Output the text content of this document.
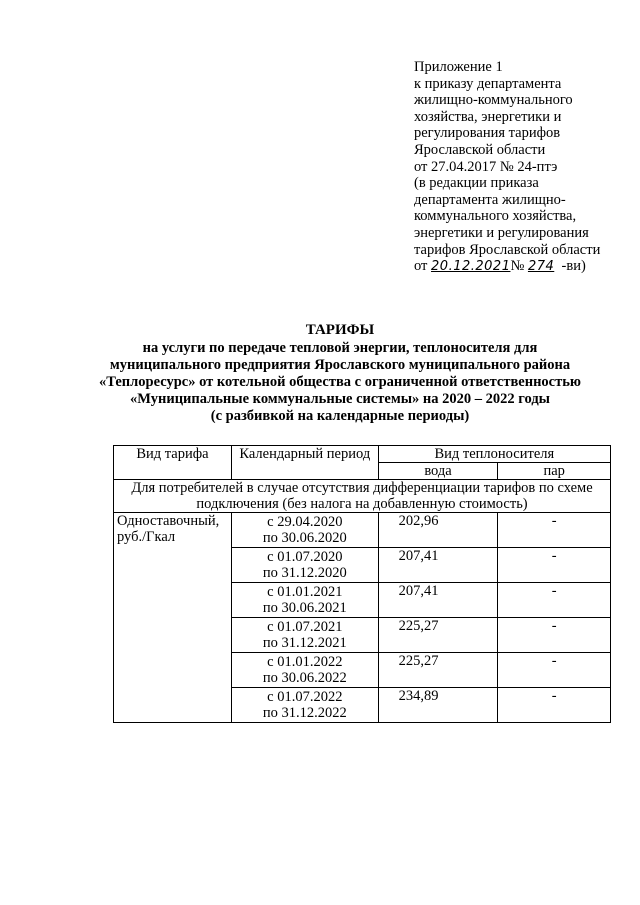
Приложение 1
к приказу департамента
жилищно-коммунального
хозяйства, энергетики и
регулирования тарифов
Ярославской области
от 27.04.2017 № 24-птэ
(в редакции приказа
департамента жилищно-
коммунального хозяйства,
энергетики и регулирования
тарифов Ярославской области
от 20.12.2021№ 274 -ви)
ТАРИФЫ
на услуги по передаче тепловой энергии, теплоносителя для
муниципального предприятия Ярославского муниципального района
«Теплоресурс» от котельной общества с ограниченной ответственностью
«Муниципальные коммунальные системы» на 2020 – 2022 годы
(с разбивкой на календарные периоды)
Вид тарифа	Календарный период	Вид теплоносителя	
		вода	пар
Для потребителей в случае отсутствия дифференциации тарифов по схеме подключения (без налога на добавленную стоимость)			
Одноставочный, руб./Гкал	с 29.04.2020
по 30.06.2020	202,96	-

	с 01.07.2020
по 31.12.2020	207,41	-

	с 01.01.2021
по 30.06.2021	207,41	-

	с 01.07.2021
по 31.12.2021	225,27	-

	с 01.01.2022
по 30.06.2022	225,27	-

	с 01.07.2022
по 31.12.2022	234,89	-
